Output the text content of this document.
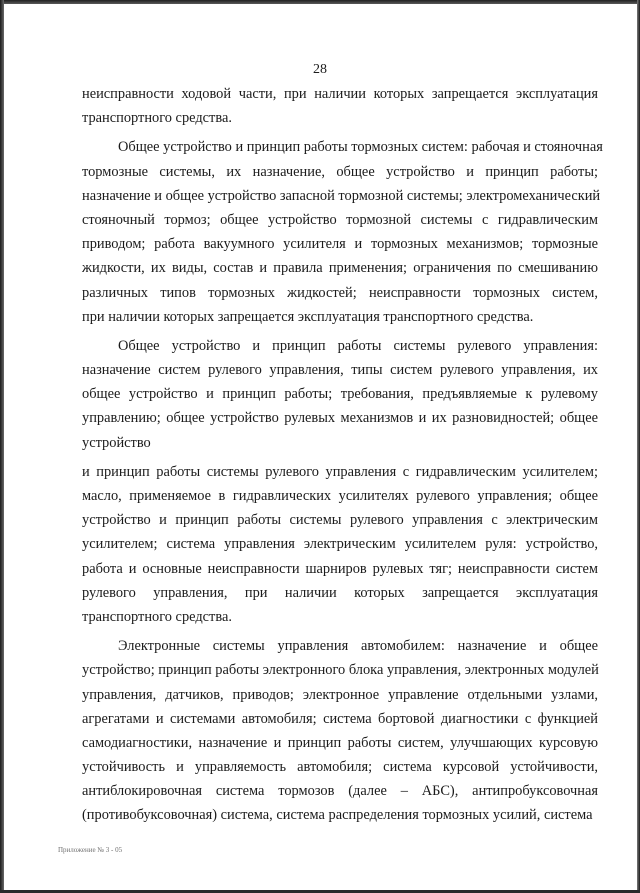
28
неисправности ходовой части, при наличии которых запрещается эксплуатация
транспортного средства.
Общее устройство и принцип работы тормозных систем: рабочая и стояночная
тормозные системы, их назначение, общее устройство и принцип работы;
назначение и общее устройство запасной тормозной системы; электромеханический
стояночный тормоз; общее устройство тормозной системы с гидравлическим
приводом; работа вакуумного усилителя и тормозных механизмов; тормозные
жидкости, их виды, состав и правила применения; ограничения по смешиванию
различных типов тормозных жидкостей; неисправности тормозных систем,
при наличии которых запрещается эксплуатация транспортного средства.
Общее устройство и принцип работы системы рулевого управления:
назначение систем рулевого управления, типы систем рулевого управления, их
общее устройство и принцип работы; требования, предъявляемые к рулевому
управлению; общее устройство рулевых механизмов и их разновидностей; общее
устройство
и принцип работы системы рулевого управления с гидравлическим усилителем;
масло, применяемое в гидравлических усилителях рулевого управления; общее
устройство и принцип работы системы рулевого управления с электрическим
усилителем; система управления электрическим усилителем руля: устройство,
работа и основные неисправности шарниров рулевых тяг; неисправности систем
рулевого управления, при наличии которых запрещается эксплуатация
транспортного средства.
Электронные системы управления автомобилем: назначение и общее
устройство; принцип работы электронного блока управления, электронных модулей
управления, датчиков, приводов; электронное управление отдельными узлами,
агрегатами и системами автомобиля; система бортовой диагностики с функцией
самодиагностики, назначение и принцип работы систем, улучшающих курсовую
устойчивость и управляемость автомобиля; система курсовой устойчивости,
антиблокировочная система тормозов (далее – АБС), антипробуксовочная
(противобуксовочная) система, система распределения тормозных усилий, система
Приложение № 3 - 05
